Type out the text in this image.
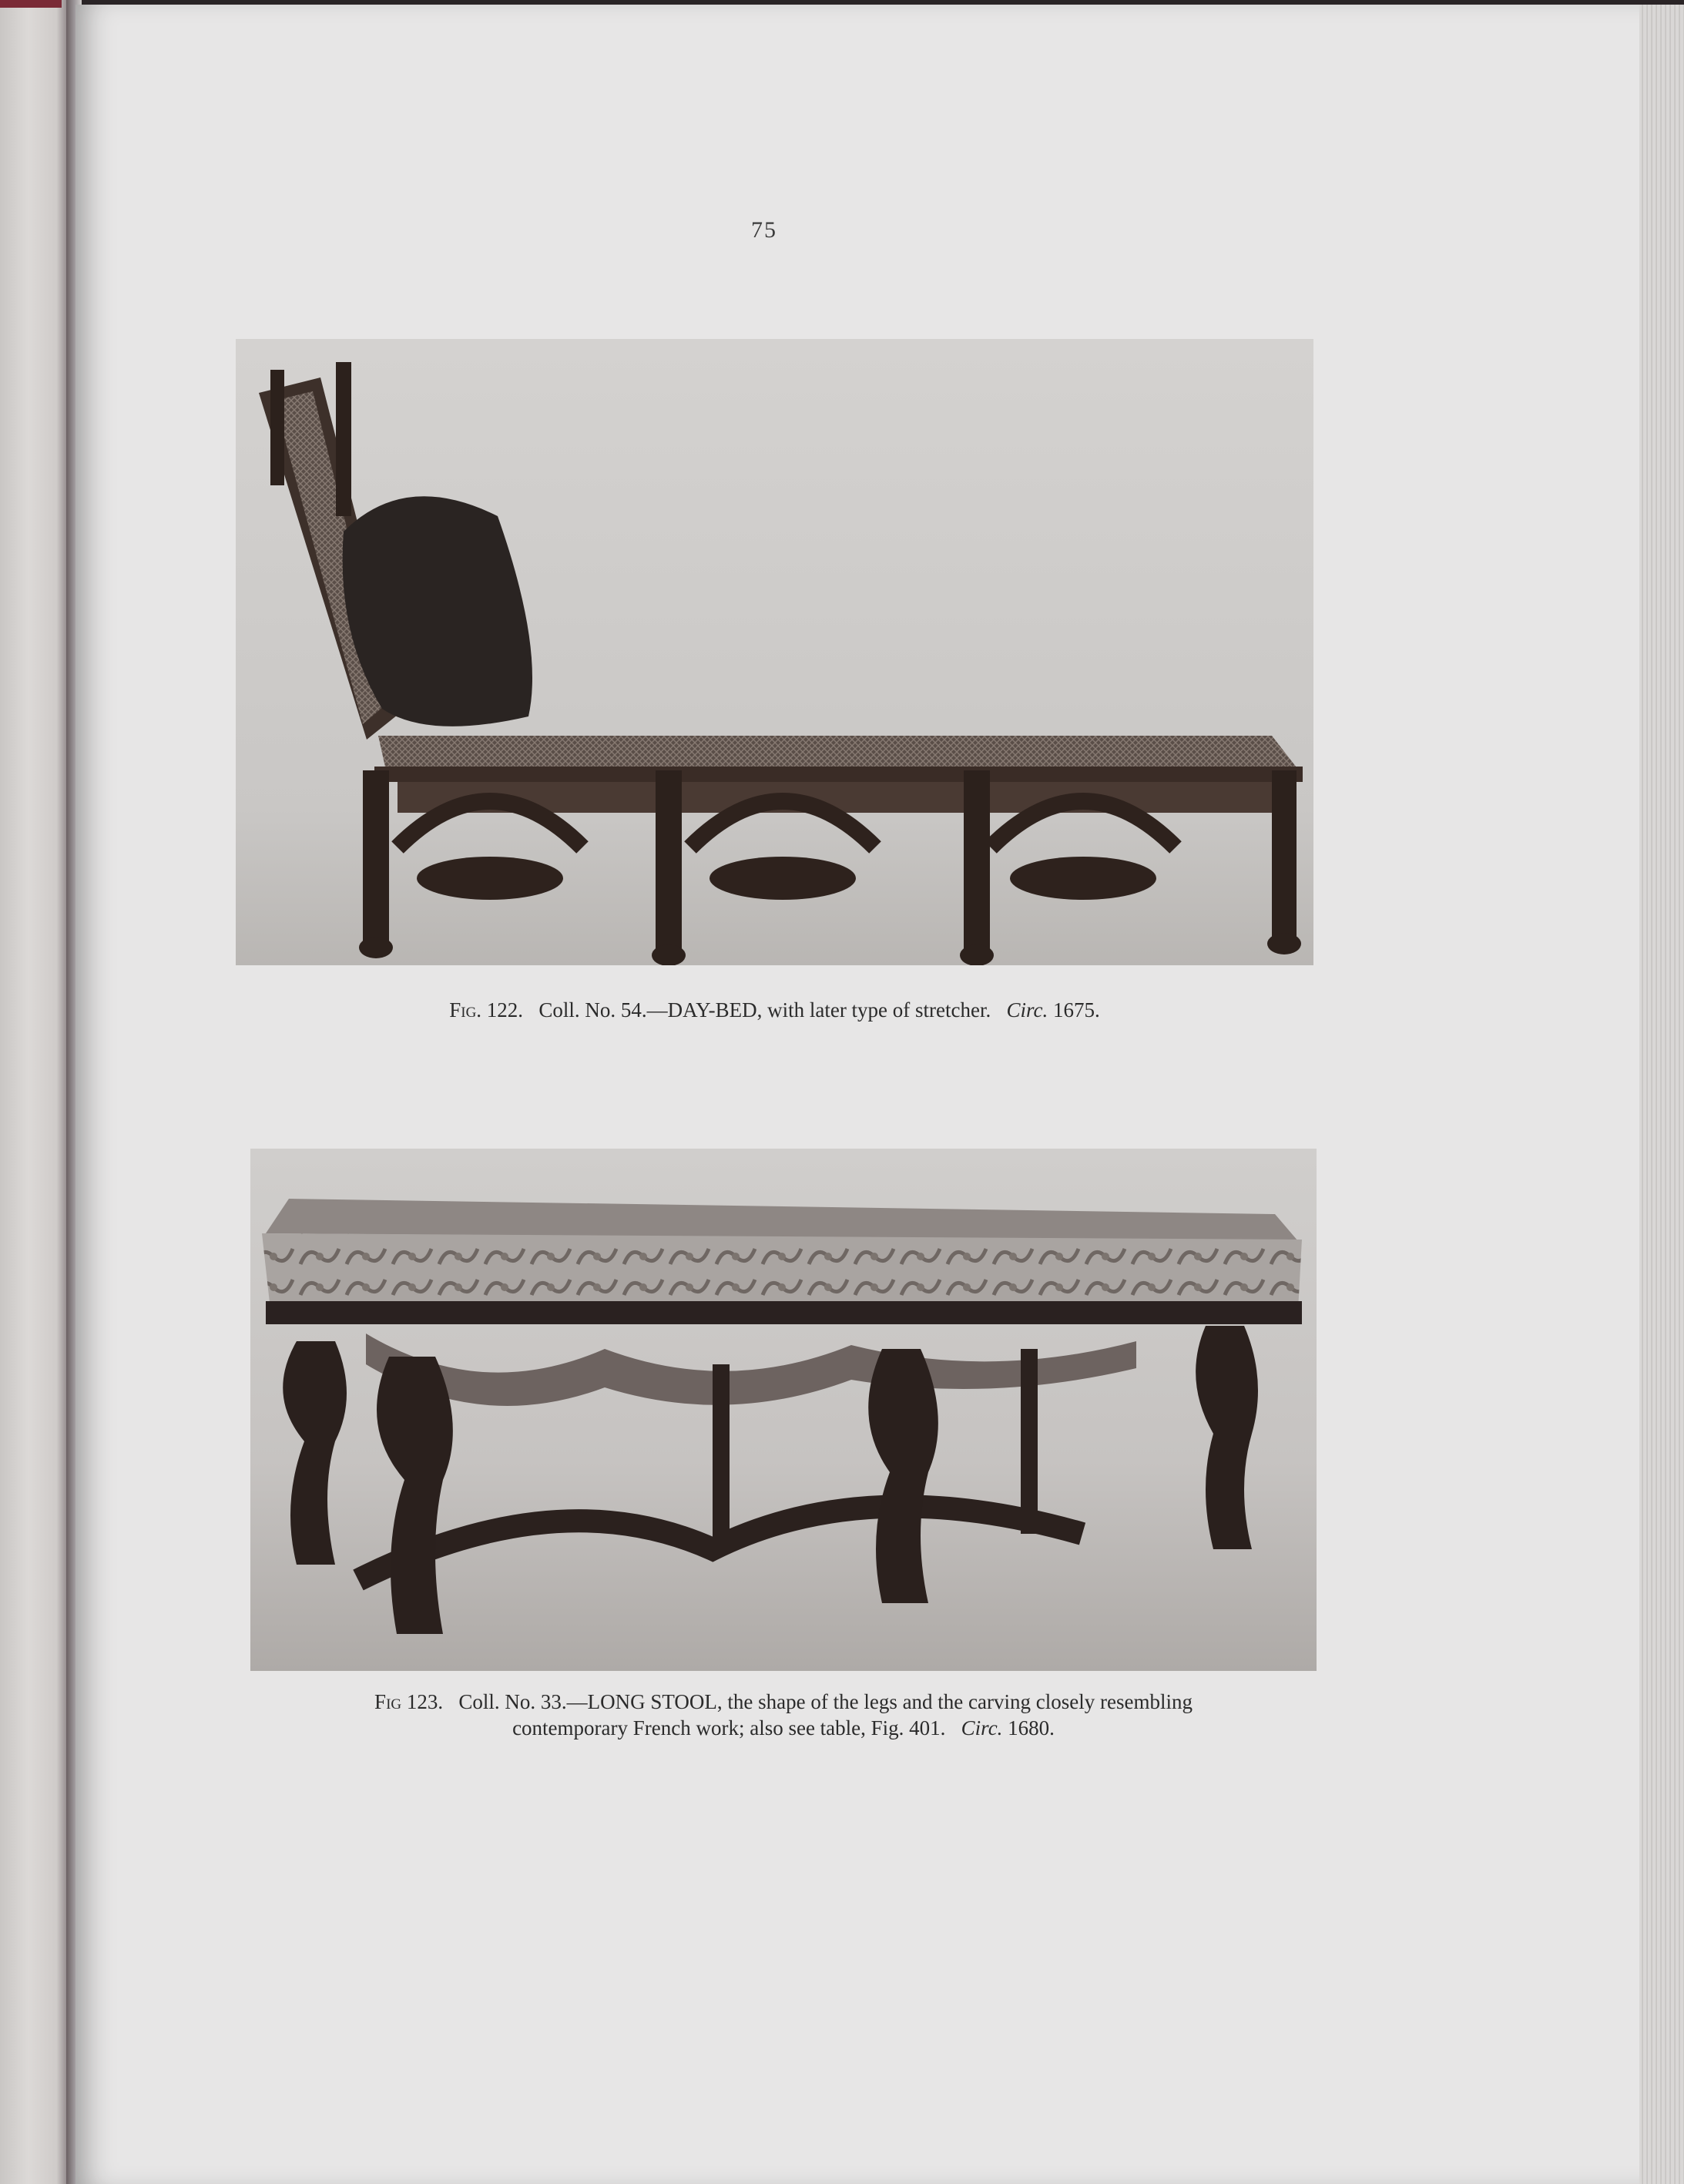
75
Fig. 122. Coll. No. 54.—DAY-BED, with later type of stretcher. Circ. 1675.
Fig 123. Coll. No. 33.—LONG STOOL, the shape of the legs and the carving closely resembling
contemporary French work; also see table, Fig. 401. Circ. 1680.
